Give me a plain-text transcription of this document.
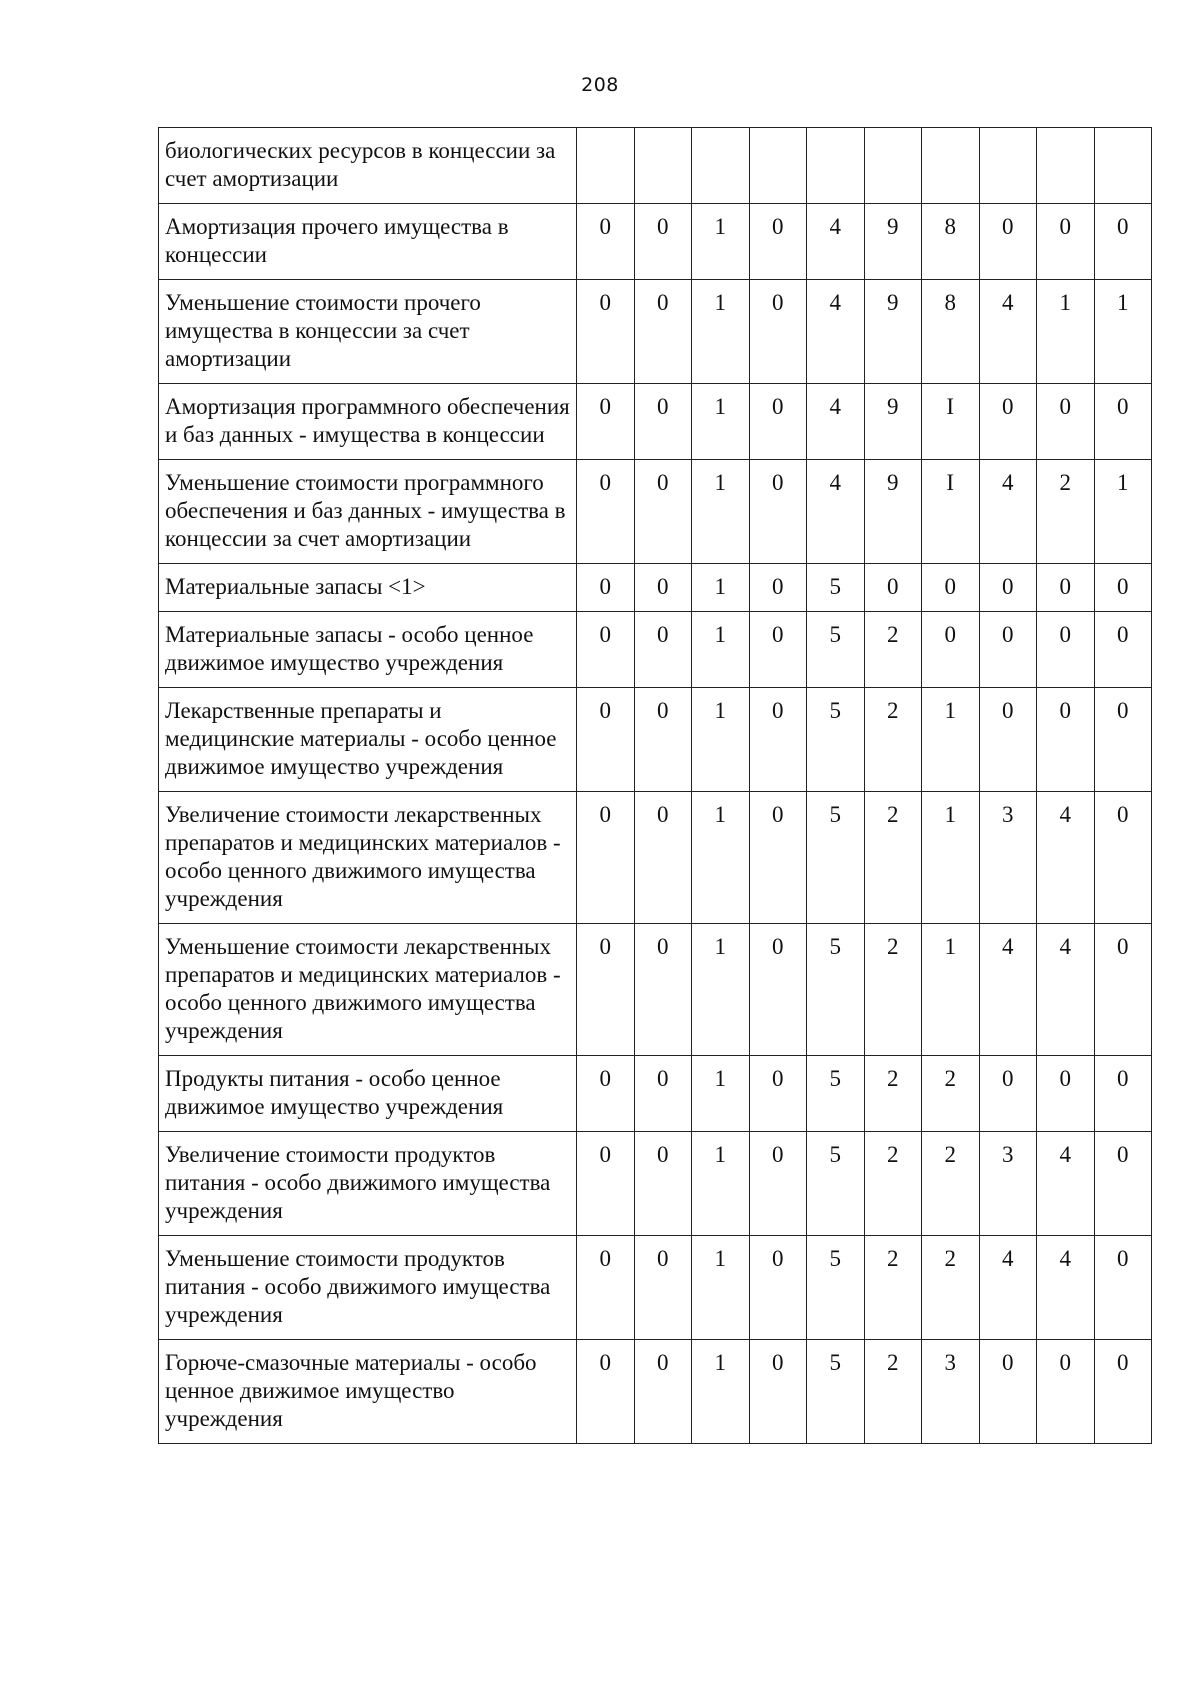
208
биологических ресурсов в концессии за счет амортизации										
Амортизация прочего имущества в концессии	0	0	1	0	4	9	8	0	0	0
Уменьшение стоимости прочего имущества в концессии за счет амортизации	0	0	1	0	4	9	8	4	1	1
Амортизация программного обеспечения и баз данных - имущества в концессии	0	0	1	0	4	9	I	0	0	0
Уменьшение стоимости программного обеспечения и баз данных - имущества в концессии за счет амортизации	0	0	1	0	4	9	I	4	2	1
Материальные запасы <1>	0	0	1	0	5	0	0	0	0	0
Материальные запасы - особо ценное движимое имущество учреждения	0	0	1	0	5	2	0	0	0	0
Лекарственные препараты и медицинские материалы - особо ценное движимое имущество учреждения	0	0	1	0	5	2	1	0	0	0
Увеличение стоимости лекарственных препаратов и медицинских материалов - особо ценного движимого имущества учреждения	0	0	1	0	5	2	1	3	4	0
Уменьшение стоимости лекарственных препаратов и медицинских материалов - особо ценного движимого имущества учреждения	0	0	1	0	5	2	1	4	4	0
Продукты питания - особо ценное движимое имущество учреждения	0	0	1	0	5	2	2	0	0	0
Увеличение стоимости продуктов питания - особо движимого имущества учреждения	0	0	1	0	5	2	2	3	4	0
Уменьшение стоимости продуктов питания - особо движимого имущества учреждения	0	0	1	0	5	2	2	4	4	0
Горюче-смазочные материалы - особо ценное движимое имущество учреждения	0	0	1	0	5	2	3	0	0	0
